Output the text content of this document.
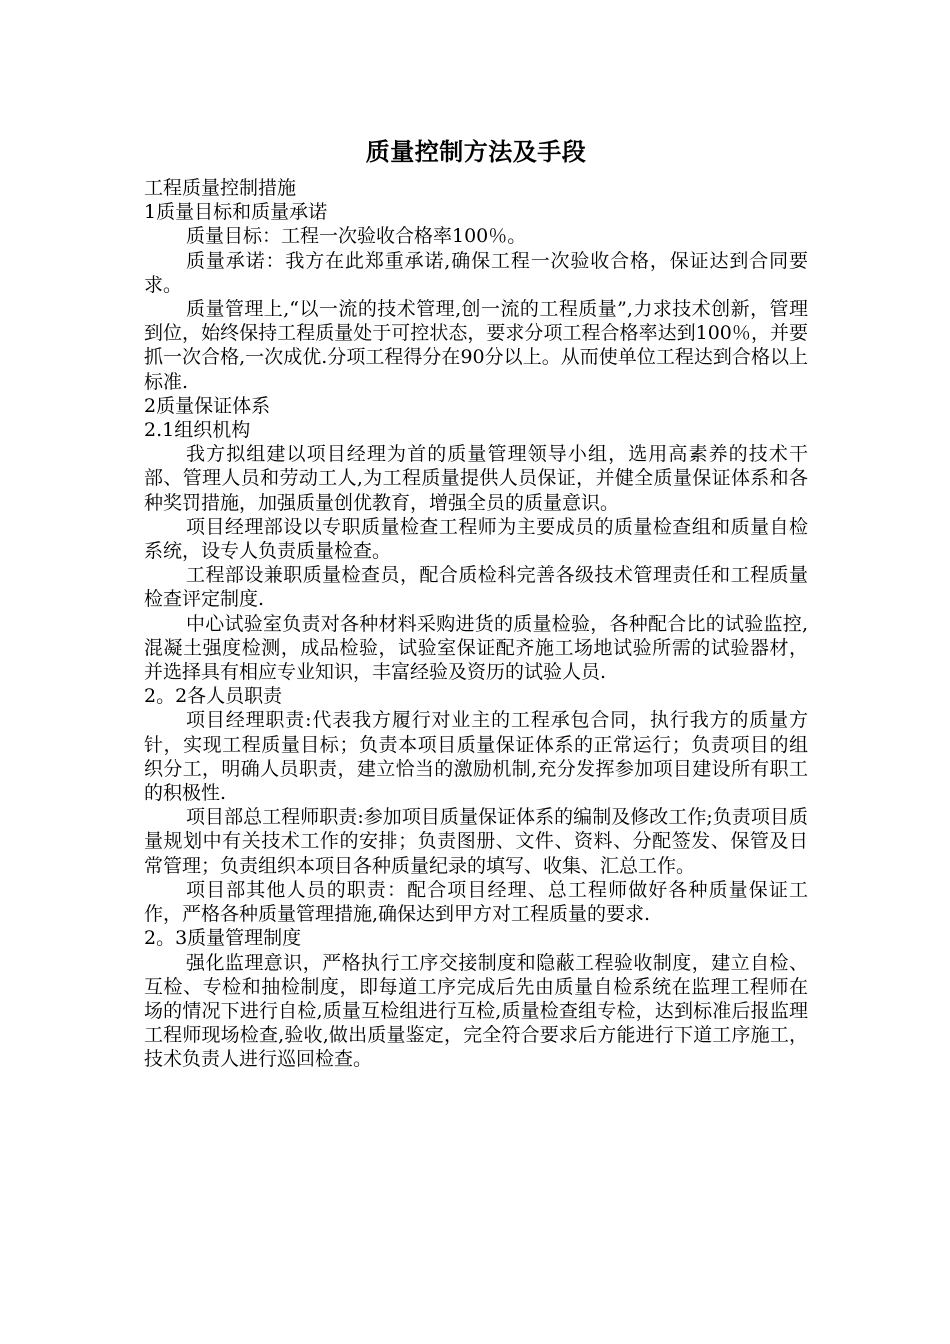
质量控制方法及手段

工程质量控制措施

1质量目标和质量承诺

质量目标：工程一次验收合格率100％。

质量承诺：我方在此郑重承诺,确保工程一次验收合格，保证达到合同要求。

质量管理上,“以一流的技术管理,创一流的工程质量”,力求技术创新，管理到位，始终保持工程质量处于可控状态，要求分项工程合格率达到100％，并要抓一次合格,一次成优.分项工程得分在90分以上。从而使单位工程达到合格以上标准.

2质量保证体系

2.1组织机构

我方拟组建以项目经理为首的质量管理领导小组，选用高素养的技术干部、管理人员和劳动工人,为工程质量提供人员保证，并健全质量保证体系和各种奖罚措施，加强质量创优教育，增强全员的质量意识。

项目经理部设以专职质量检查工程师为主要成员的质量检查组和质量自检系统，设专人负责质量检查。

工程部设兼职质量检查员，配合质检科完善各级技术管理责任和工程质量检查评定制度.

中心试验室负责对各种材料采购进货的质量检验，各种配合比的试验监控,混凝土强度检测，成品检验，试验室保证配齐施工场地试验所需的试验器材，并选择具有相应专业知识，丰富经验及资历的试验人员.

2。2各人员职责

项目经理职责:代表我方履行对业主的工程承包合同，执行我方的质量方针，实现工程质量目标；负责本项目质量保证体系的正常运行；负责项目的组织分工，明确人员职责，建立恰当的激励机制,充分发挥参加项目建设所有职工的积极性.

项目部总工程师职责:参加项目质量保证体系的编制及修改工作;负责项目质量规划中有关技术工作的安排；负责图册、文件、资料、分配签发、保管及日常管理；负责组织本项目各种质量纪录的填写、收集、汇总工作。

项目部其他人员的职责：配合项目经理、总工程师做好各种质量保证工作，严格各种质量管理措施,确保达到甲方对工程质量的要求.

2。3质量管理制度

强化监理意识，严格执行工序交接制度和隐蔽工程验收制度，建立自检、互检、专检和抽检制度，即每道工序完成后先由质量自检系统在监理工程师在场的情况下进行自检,质量互检组进行互检,质量检查组专检，达到标准后报监理工程师现场检查,验收,做出质量鉴定，完全符合要求后方能进行下道工序施工，技术负责人进行巡回检查。
